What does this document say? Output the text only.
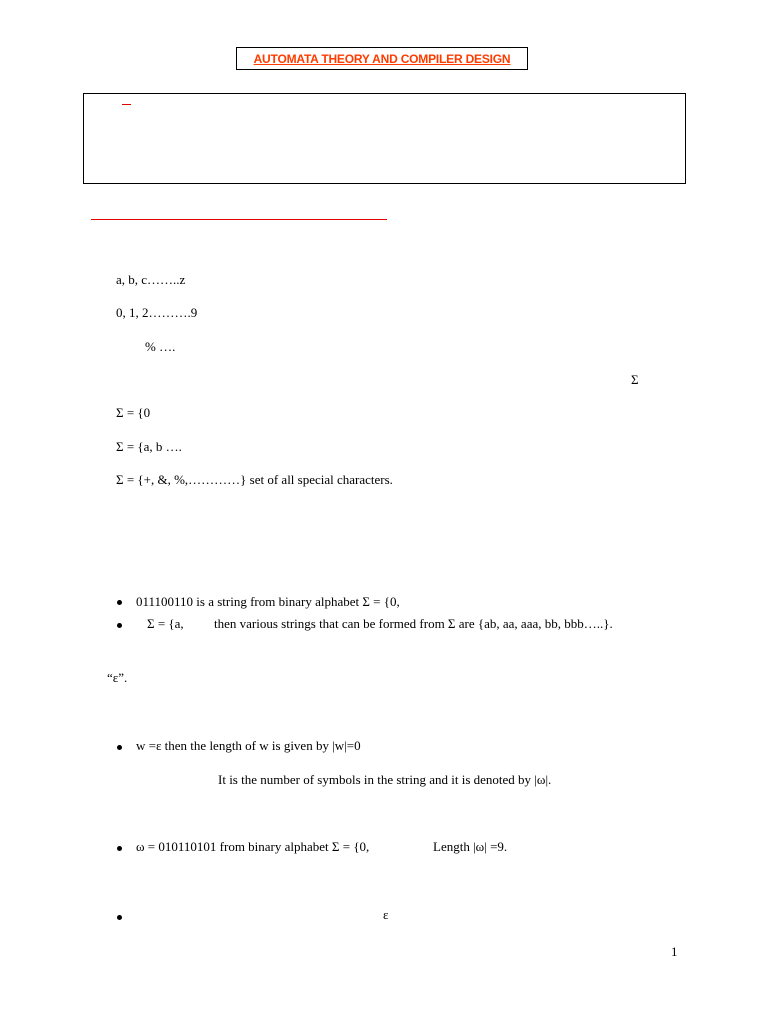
AUTOMATA THEORY AND COMPILER DESIGN
a, b, c……..z
0, 1, 2……….9
% ….
Σ
Σ = {0
Σ = {a, b ….
Σ = {+, &, %,…………} set of all special characters.
011100110 is a string from binary alphabet Σ = {0,
Σ = {a, then various strings that can be formed from Σ are {ab, aa, aaa, bb, bbb…..}.
“ε”.
w =ε then the length of w is given by |w|=0
It is the number of symbols in the string and it is denoted by |ω|.
ω = 010110101 from binary alphabet Σ = {0,	Length |ω| =9.
ε
1
